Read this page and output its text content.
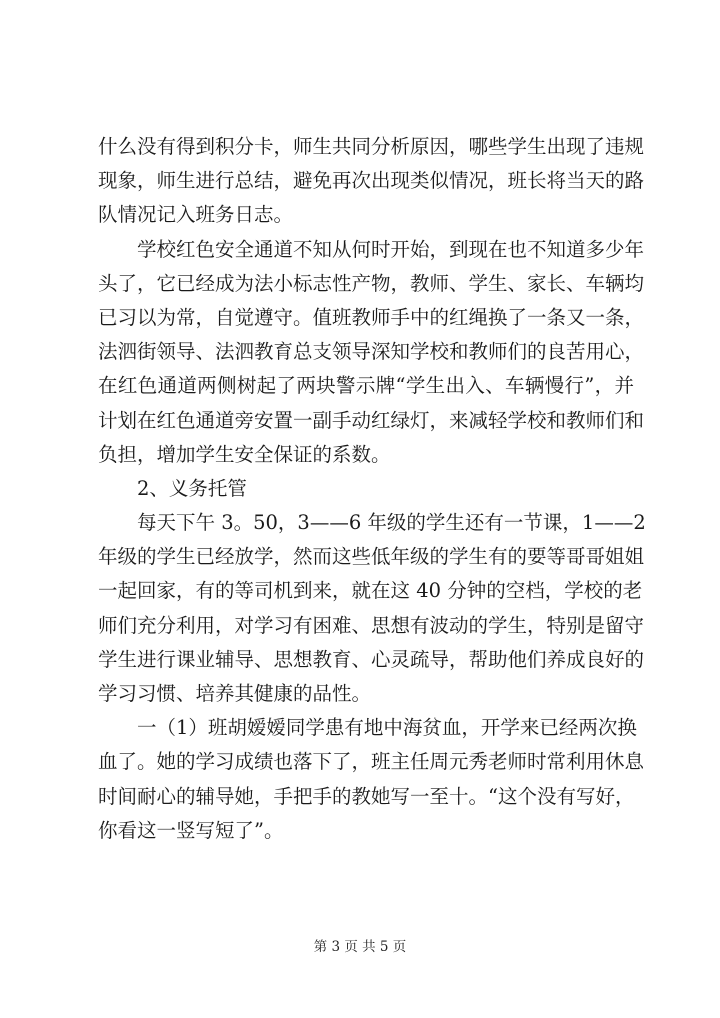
什么没有得到积分卡，师生共同分析原因，哪些学生出现了违规
现象，师生进行总结，避免再次出现类似情况，班长将当天的路
队情况记入班务日志。
学校红色安全通道不知从何时开始，到现在也不知道多少年
头了，它已经成为法小标志性产物，教师、学生、家长、车辆均
已习以为常，自觉遵守。值班教师手中的红绳换了一条又一条，
法泗街领导、法泗教育总支领导深知学校和教师们的良苦用心，
在红色通道两侧树起了两块警示牌“学生出入、车辆慢行”，并
计划在红色通道旁安置一副手动红绿灯，来减轻学校和教师们和
负担，增加学生安全保证的系数。
2、义务托管
每天下午 3。50，3——6 年级的学生还有一节课，1——2
年级的学生已经放学，然而这些低年级的学生有的要等哥哥姐姐
一起回家，有的等司机到来，就在这 40 分钟的空档，学校的老
师们充分利用，对学习有困难、思想有波动的学生，特别是留守
学生进行课业辅导、思想教育、心灵疏导，帮助他们养成良好的
学习习惯、培养其健康的品性。
一（1）班胡嫒嫒同学患有地中海贫血，开学来已经两次换
血了。她的学习成绩也落下了，班主任周元秀老师时常利用休息
时间耐心的辅导她，手把手的教她写一至十。“这个没有写好，
你看这一竖写短了”。
第 3 页 共 5 页
